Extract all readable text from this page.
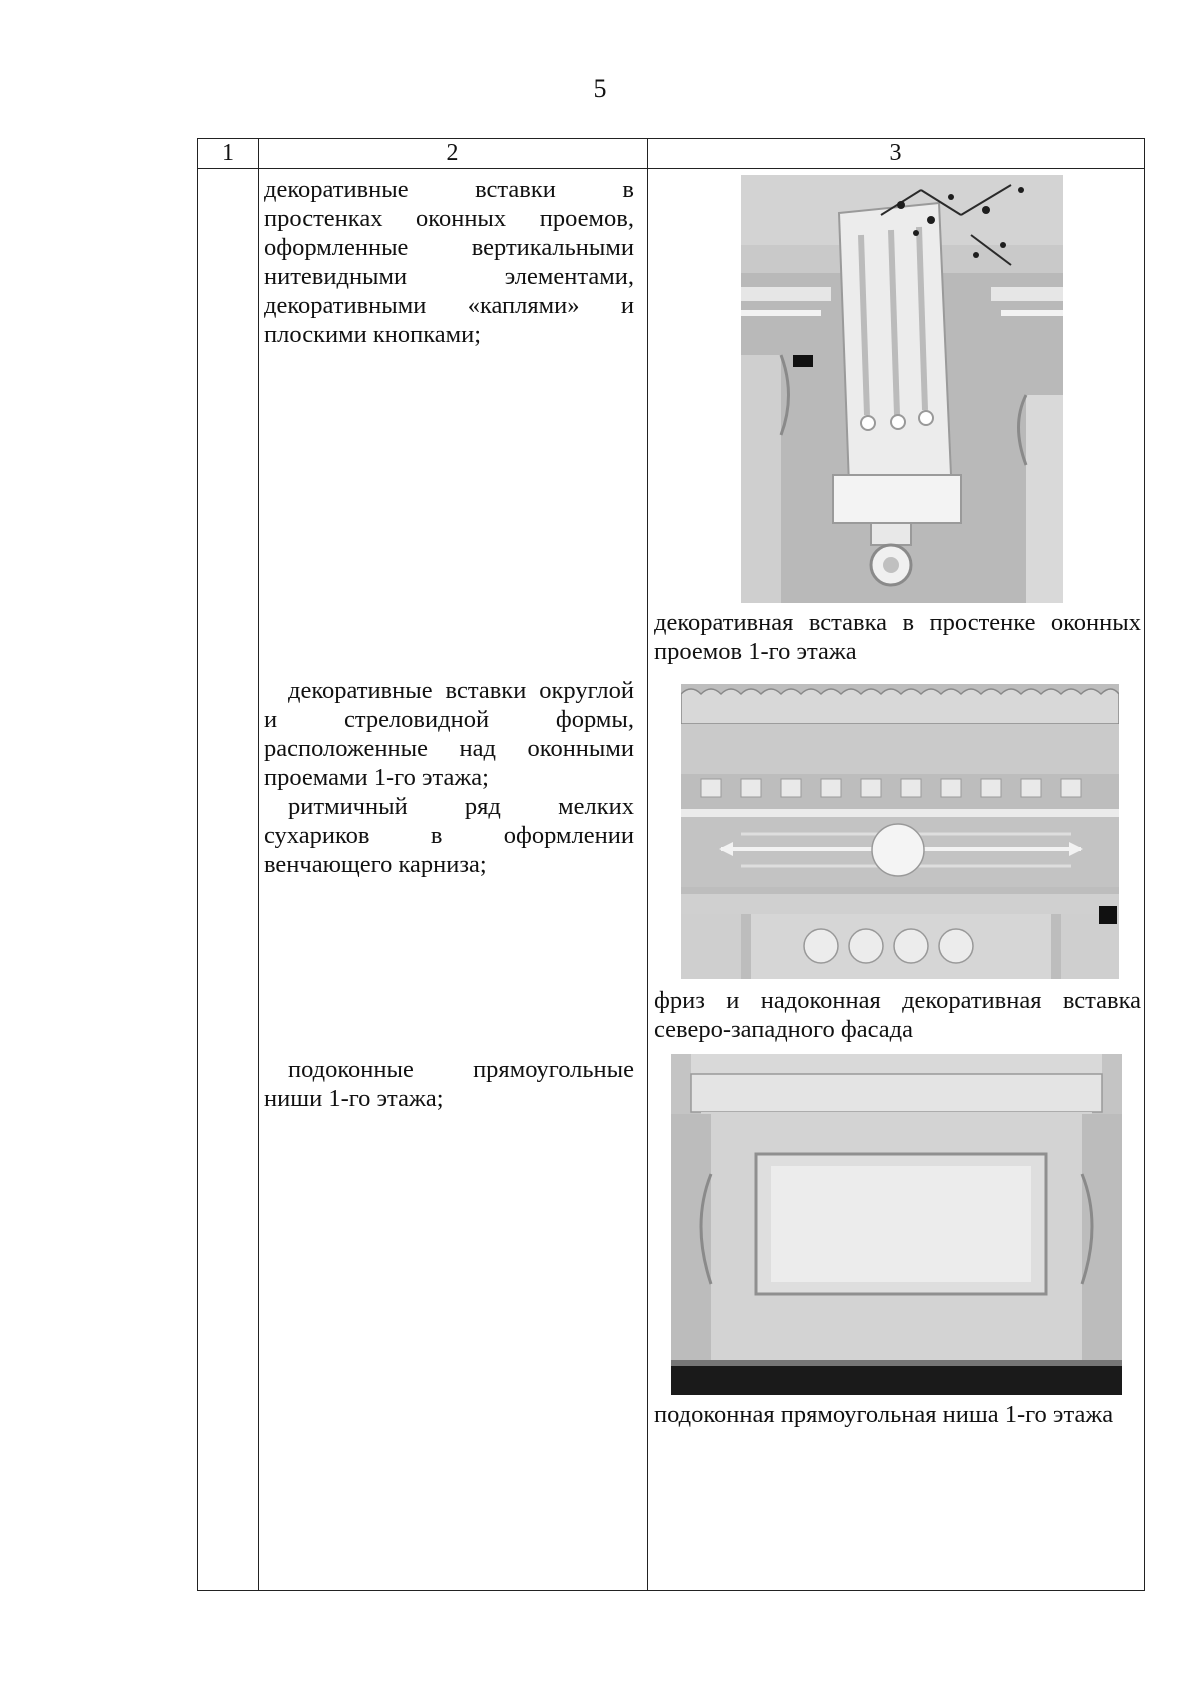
5
1	2	3

декоративные вставки в простенках оконных проемов, оформленные вертикальными нитевидными элементами, декоративными «каплями» и плоскими кнопками;

декоративная вставка в простенке оконных проемов 1-го этажа

декоративные вставки округлой и стреловидной формы, расположенные над оконными проемами 1-го этажа;

ритмичный ряд мелких сухариков в оформлении венчающего карниза;

фриз и надоконная декоративная вставка северо-западного фасада

подоконные прямоугольные ниши 1-го этажа;

подоконная прямоугольная ниша 1-го этажа
